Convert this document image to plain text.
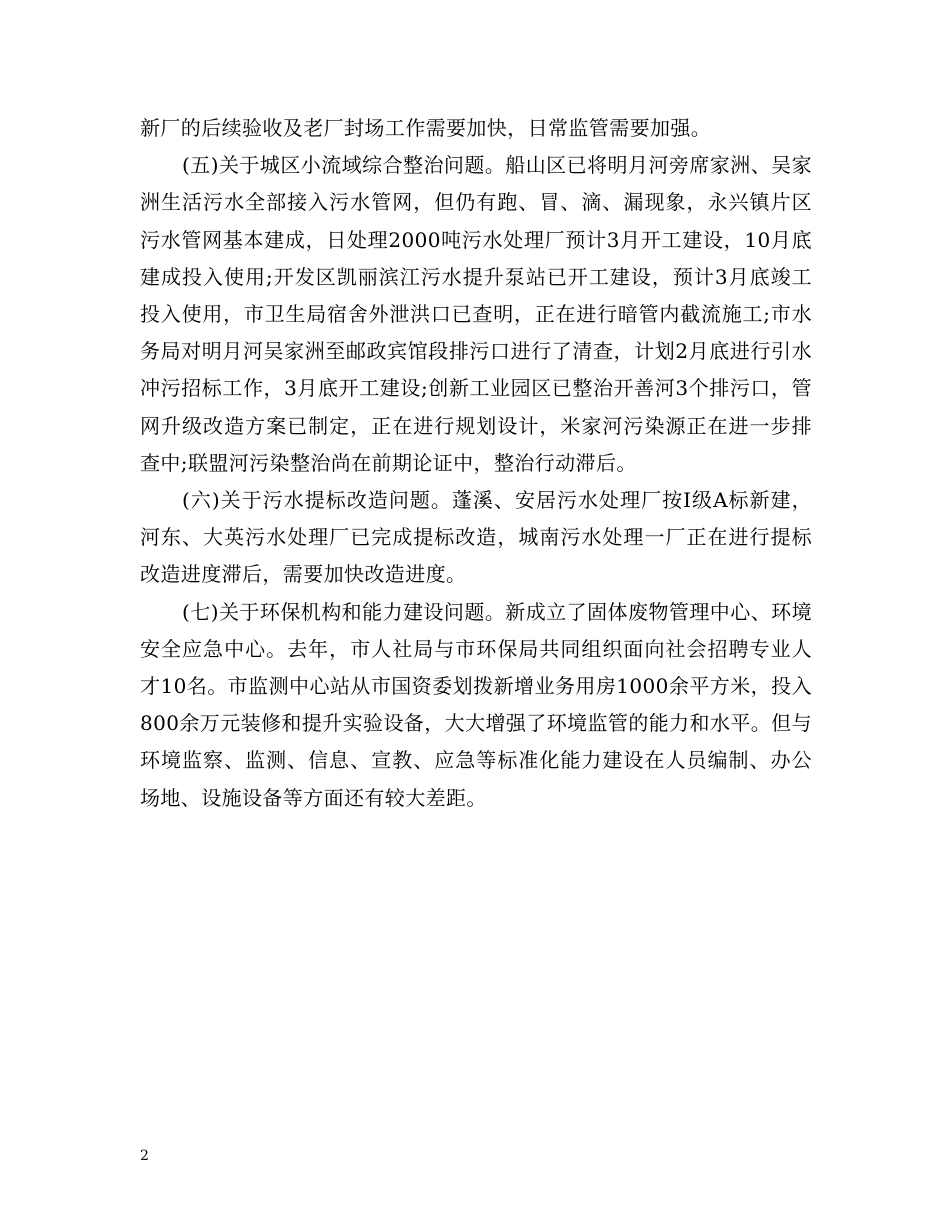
新厂的后续验收及老厂封场工作需要加快，日常监管需要加强。

(五)关于城区小流域综合整治问题。船山区已将明月河旁席家洲、吴家洲生活污水全部接入污水管网，但仍有跑、冒、滴、漏现象，永兴镇片区污水管网基本建成，日处理2000吨污水处理厂预计3月开工建设，10月底建成投入使用;开发区凯丽滨江污水提升泵站已开工建设，预计3月底竣工投入使用，市卫生局宿舍外泄洪口已查明，正在进行暗管内截流施工;市水务局对明月河吴家洲至邮政宾馆段排污口进行了清查，计划2月底进行引水冲污招标工作，3月底开工建设;创新工业园区已整治开善河3个排污口，管网升级改造方案已制定，正在进行规划设计，米家河污染源正在进一步排查中;联盟河污染整治尚在前期论证中，整治行动滞后。

(六)关于污水提标改造问题。蓬溪、安居污水处理厂按Ⅰ级A标新建，河东、大英污水处理厂已完成提标改造，城南污水处理一厂正在进行提标改造进度滞后，需要加快改造进度。

(七)关于环保机构和能力建设问题。新成立了固体废物管理中心、环境安全应急中心。去年，市人社局与市环保局共同组织面向社会招聘专业人才10名。市监测中心站从市国资委划拨新增业务用房1000余平方米，投入800余万元装修和提升实验设备，大大增强了环境监管的能力和水平。但与环境监察、监测、信息、宣教、应急等标准化能力建设在人员编制、办公场地、设施设备等方面还有较大差距。

2
